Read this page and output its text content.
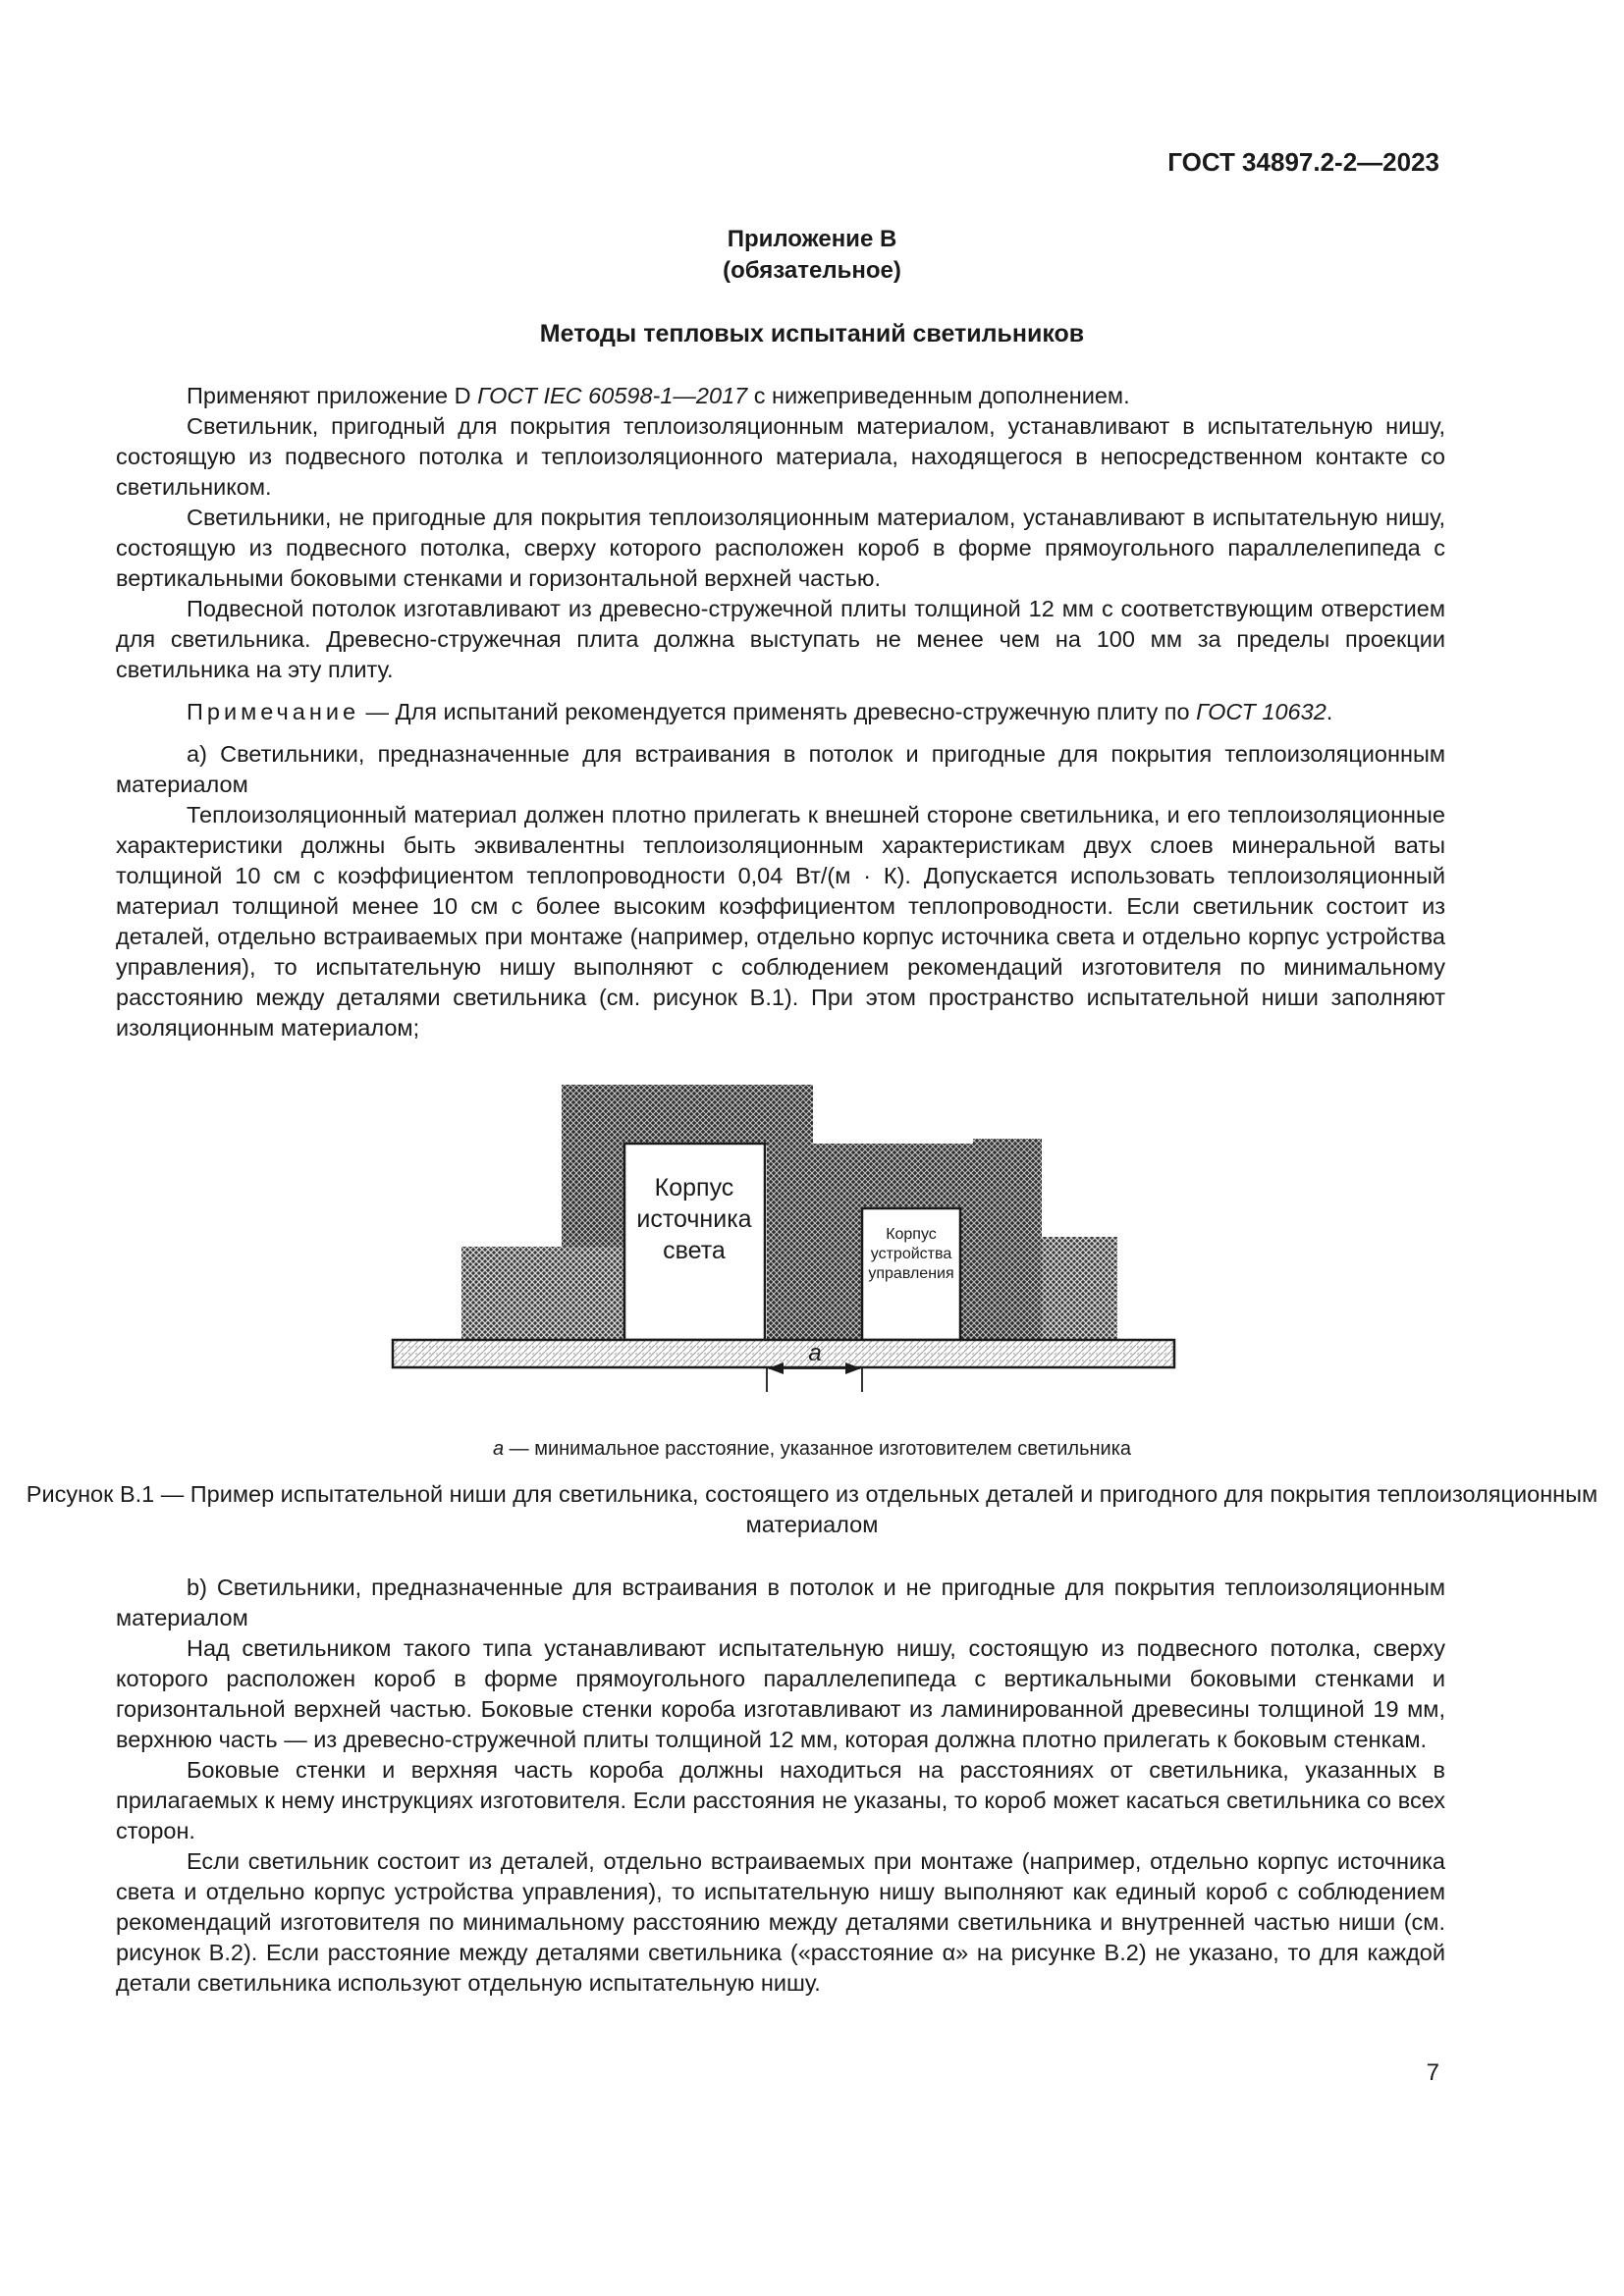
ГОСТ 34897.2-2—2023
Приложение В
(обязательное)
Методы тепловых испытаний светильников

Применяют приложение D ГОСТ IEC 60598-1—2017 с нижеприведенным дополнением.

Светильник, пригодный для покрытия теплоизоляционным материалом, устанавливают в испытательную нишу, состоящую из подвесного потолка и теплоизоляционного материала, находящегося в непосредственном контакте со светильником.

Светильники, не пригодные для покрытия теплоизоляционным материалом, устанавливают в испытательную нишу, состоящую из подвесного потолка, сверху которого расположен короб в форме прямоугольного параллелепипеда с вертикальными боковыми стенками и горизонтальной верхней частью.

Подвесной потолок изготавливают из древесно-стружечной плиты толщиной 12 мм с соответствующим отверстием для светильника. Древесно-стружечная плита должна выступать не менее чем на 100 мм за пределы проекции светильника на эту плиту.

Примечание — Для испытаний рекомендуется применять древесно-стружечную плиту по ГОСТ 10632.

a) Светильники, предназначенные для встраивания в потолок и пригодные для покрытия теплоизоляционным материалом

Теплоизоляционный материал должен плотно прилегать к внешней стороне светильника, и его теплоизоляционные характеристики должны быть эквивалентны теплоизоляционным характеристикам двух слоев минеральной ваты толщиной 10 см с коэффициентом теплопроводности 0,04 Вт/(м · К). Допускается использовать теплоизоляционный материал толщиной менее 10 см с более высоким коэффициентом теплопроводности. Если светильник состоит из деталей, отдельно встраиваемых при монтаже (например, отдельно корпус источника света и отдельно корпус устройства управления), то испытательную нишу выполняют с соблюдением рекомендаций изготовителя по минимальному расстоянию между деталями светильника (см. рисунок В.1). При этом пространство испытательной ниши заполняют изоляционным материалом;

Корпус
источника
света
Корпус
устройства
управления
a
a — минимальное расстояние, указанное изготовителем светильника
Рисунок В.1 — Пример испытательной ниши для светильника, состоящего из отдельных деталей и пригодного для покрытия теплоизоляционным материалом

b) Светильники, предназначенные для встраивания в потолок и не пригодные для покрытия теплоизоляционным материалом

Над светильником такого типа устанавливают испытательную нишу, состоящую из подвесного потолка, сверху которого расположен короб в форме прямоугольного параллелепипеда с вертикальными боковыми стенками и горизонтальной верхней частью. Боковые стенки короба изготавливают из ламинированной древесины толщиной 19 мм, верхнюю часть — из древесно-стружечной плиты толщиной 12 мм, которая должна плотно прилегать к боковым стенкам.

Боковые стенки и верхняя часть короба должны находиться на расстояниях от светильника, указанных в прилагаемых к нему инструкциях изготовителя. Если расстояния не указаны, то короб может касаться светильника со всех сторон.

Если светильник состоит из деталей, отдельно встраиваемых при монтаже (например, отдельно корпус источника света и отдельно корпус устройства управления), то испытательную нишу выполняют как единый короб с соблюдением рекомендаций изготовителя по минимальному расстоянию между деталями светильника и внутренней частью ниши (см. рисунок В.2). Если расстояние между деталями светильника («расстояние α» на рисунке В.2) не указано, то для каждой детали светильника используют отдельную испытательную нишу.

7
